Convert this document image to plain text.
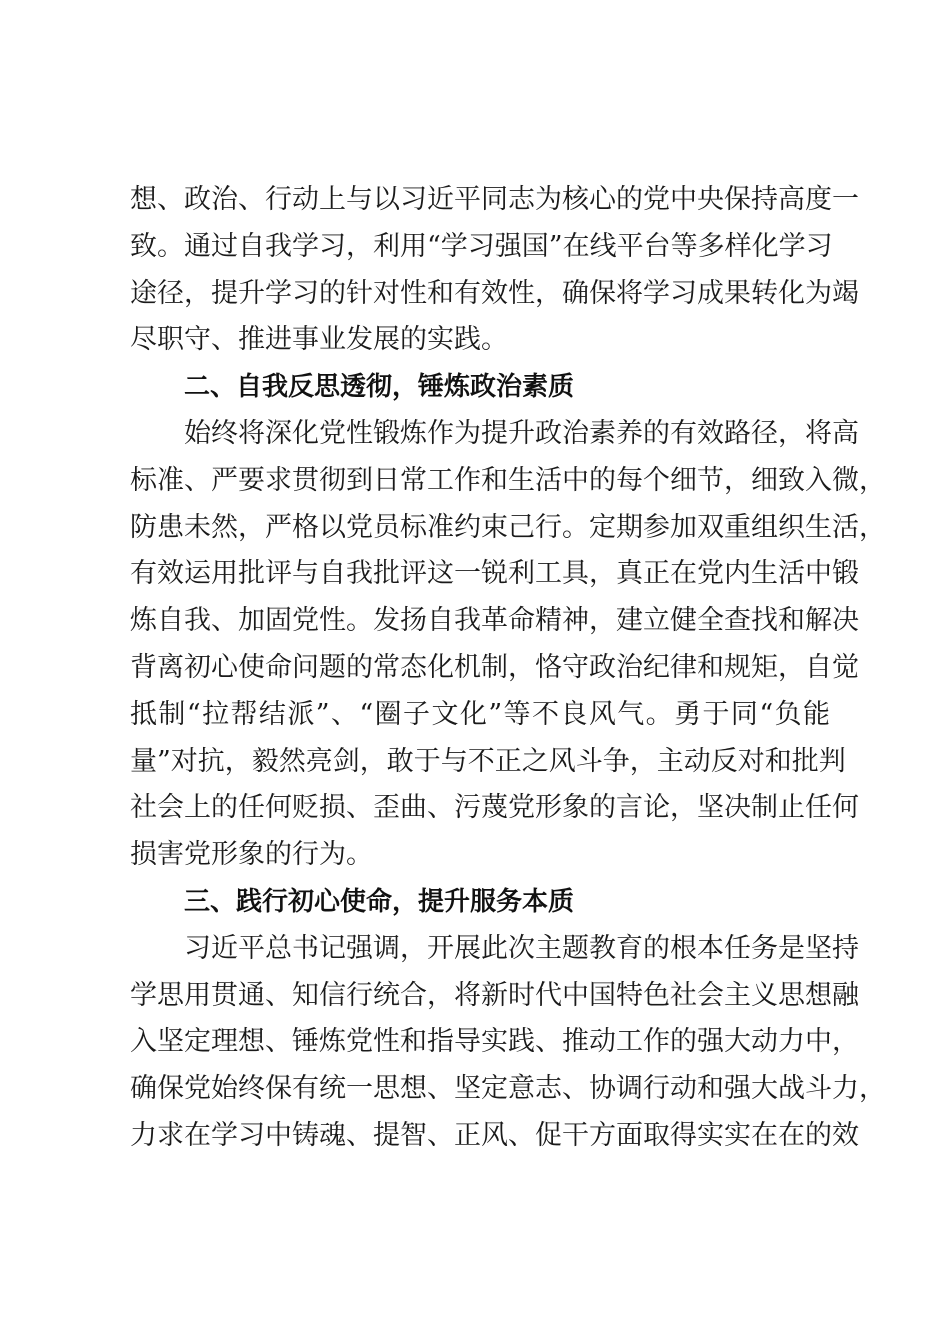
想、政治、行动上与以习近平同志为核心的党中央保持高度一
致。通过自我学习，利用“学习强国”在线平台等多样化学习
途径，提升学习的针对性和有效性，确保将学习成果转化为竭
尽职守、推进事业发展的实践。
二、自我反思透彻，锤炼政治素质
始终将深化党性锻炼作为提升政治素养的有效路径，将高
标准、严要求贯彻到日常工作和生活中的每个细节，细致入微，
防患未然，严格以党员标准约束己行。定期参加双重组织生活，
有效运用批评与自我批评这一锐利工具，真正在党内生活中锻
炼自我、加固党性。发扬自我革命精神，建立健全查找和解决
背离初心使命问题的常态化机制，恪守政治纪律和规矩，自觉
抵制“拉帮结派”、“圈子文化”等不良风气。勇于同“负能
量”对抗，毅然亮剑，敢于与不正之风斗争，主动反对和批判
社会上的任何贬损、歪曲、污蔑党形象的言论，坚决制止任何
损害党形象的行为。
三、践行初心使命，提升服务本质
习近平总书记强调，开展此次主题教育的根本任务是坚持
学思用贯通、知信行统合，将新时代中国特色社会主义思想融
入坚定理想、锤炼党性和指导实践、推动工作的强大动力中，
确保党始终保有统一思想、坚定意志、协调行动和强大战斗力，
力求在学习中铸魂、提智、正风、促干方面取得实实在在的效
